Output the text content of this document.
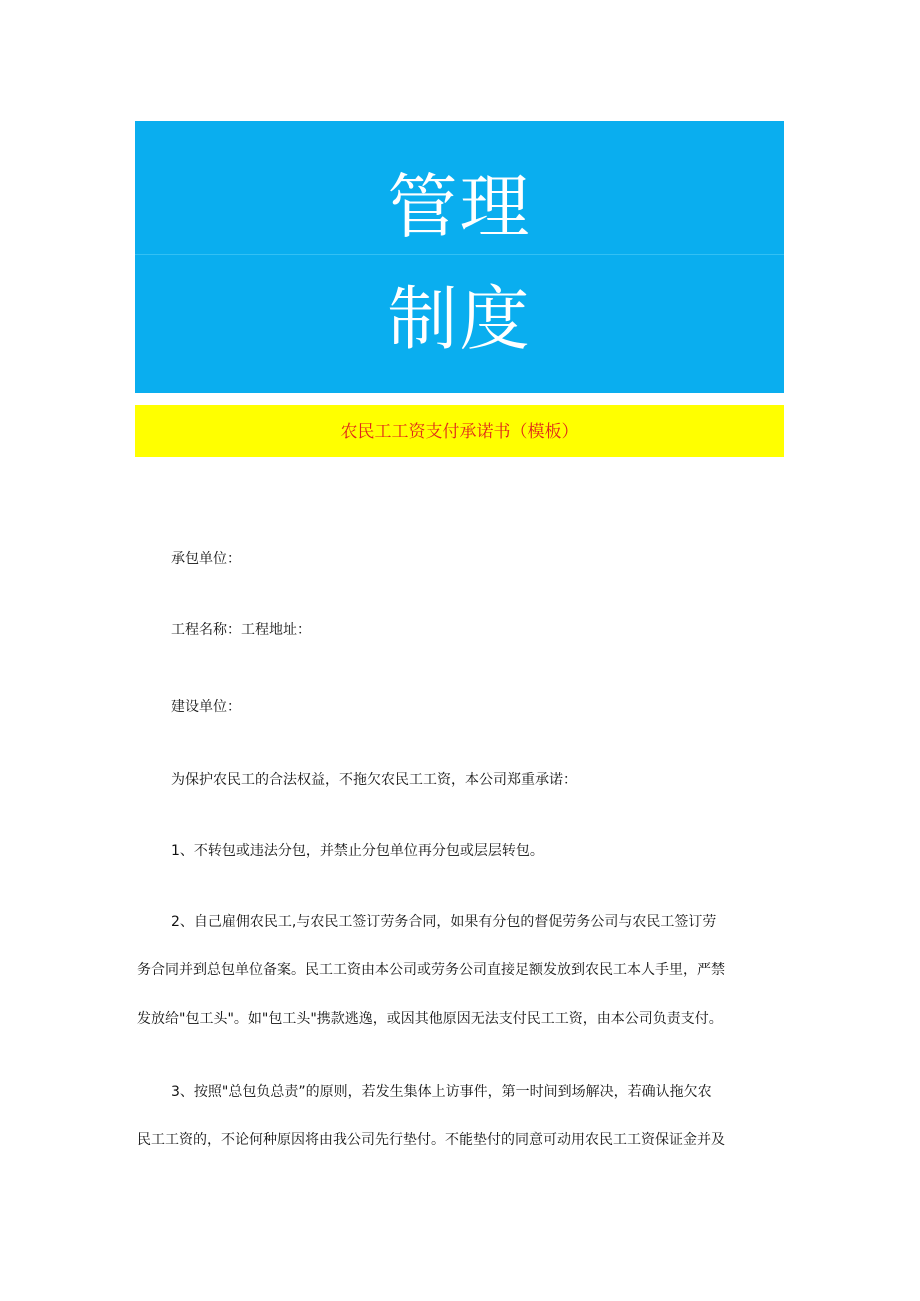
管理
制度
农民工工资支付承诺书（模板）
承包单位：
工程名称：工程地址：
建设单位：
为保护农民工的合法权益，不拖欠农民工工资，本公司郑重承诺：
1、不转包或违法分包，并禁止分包单位再分包或层层转包。
2、自己雇佣农民工,与农民工签订劳务合同，如果有分包的督促劳务公司与农民工签订劳
务合同并到总包单位备案。民工工资由本公司或劳务公司直接足额发放到农民工本人手里，严禁
发放给"包工头"。如"包工头"携款逃逸，或因其他原因无法支付民工工资，由本公司负责支付。
3、按照"总包负总责”的原则，若发生集体上访事件，第一时间到场解决，若确认拖欠农
民工工资的，不论何种原因将由我公司先行垫付。不能垫付的同意可动用农民工工资保证金并及
